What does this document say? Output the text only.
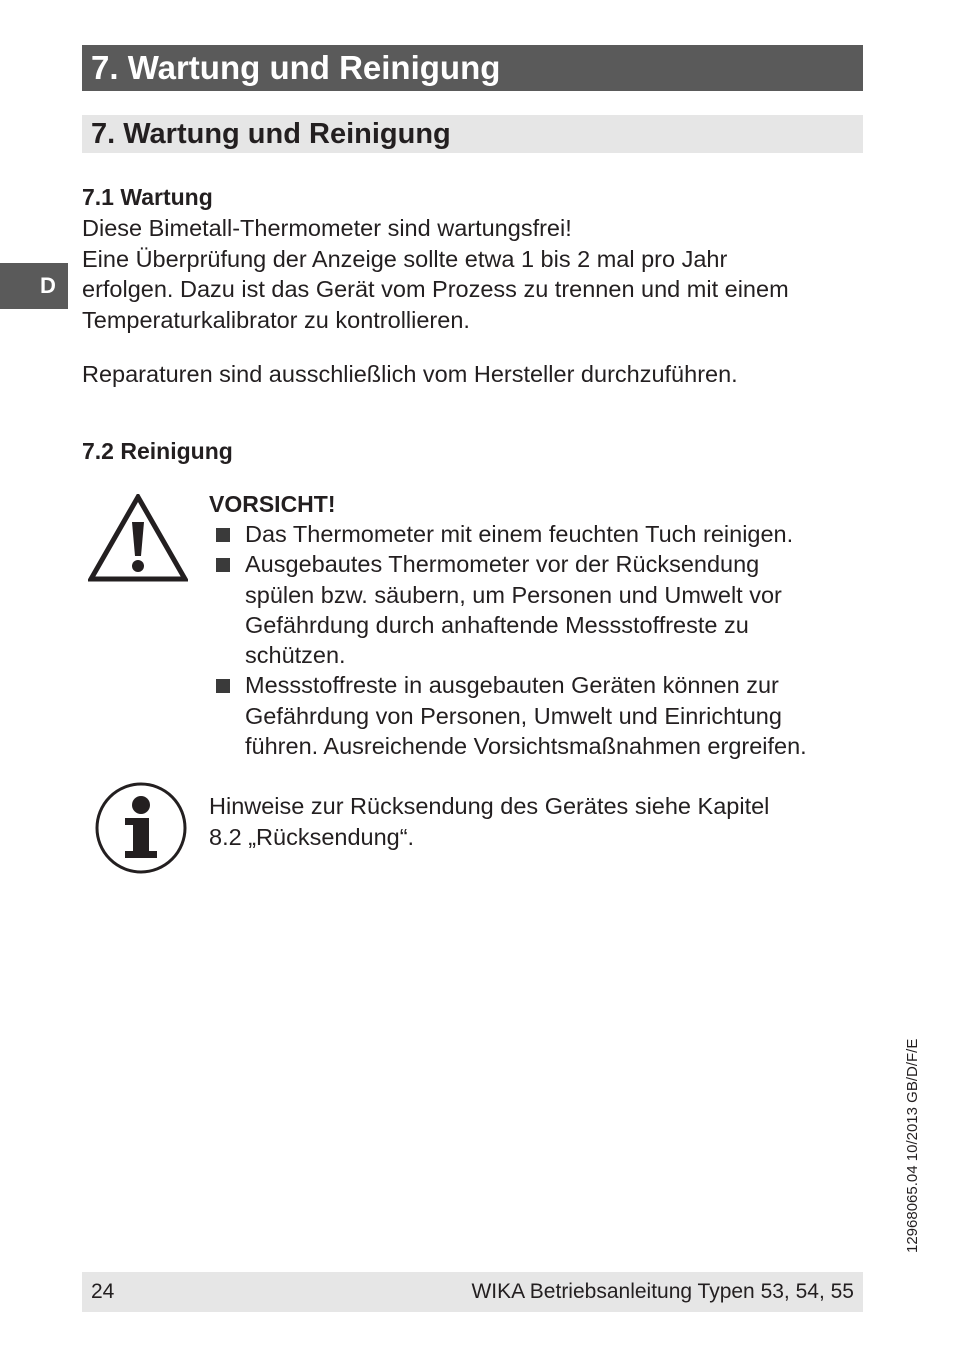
7. Wartung und Reinigung
7. Wartung und Reinigung
D
7.1 Wartung
Diese Bimetall-Thermometer sind wartungsfrei!
Eine Überprüfung der Anzeige sollte etwa 1 bis 2 mal pro Jahr
erfolgen. Dazu ist das Gerät vom Prozess zu trennen und mit einem
Temperaturkalibrator zu kontrollieren.
Reparaturen sind ausschließlich vom Hersteller durchzuführen.
7.2 Reinigung
VORSICHT!
Das Thermometer mit einem feuchten Tuch reinigen.
Ausgebautes Thermometer vor der Rücksendung
spülen bzw. säubern, um Personen und Umwelt vor
Gefährdung durch anhaftende Messstoffreste zu
schützen.
Messstoffreste in ausgebauten Geräten können zur
Gefährdung von Personen, Umwelt und Einrichtung
führen. Ausreichende Vorsichtsmaßnahmen ergreifen.
Hinweise zur Rücksendung des Gerätes siehe Kapitel
8.2 „Rücksendung“.
12968065.04 10/2013 GB/D/F/E
24	WIKA Betriebsanleitung Typen 53, 54, 55
